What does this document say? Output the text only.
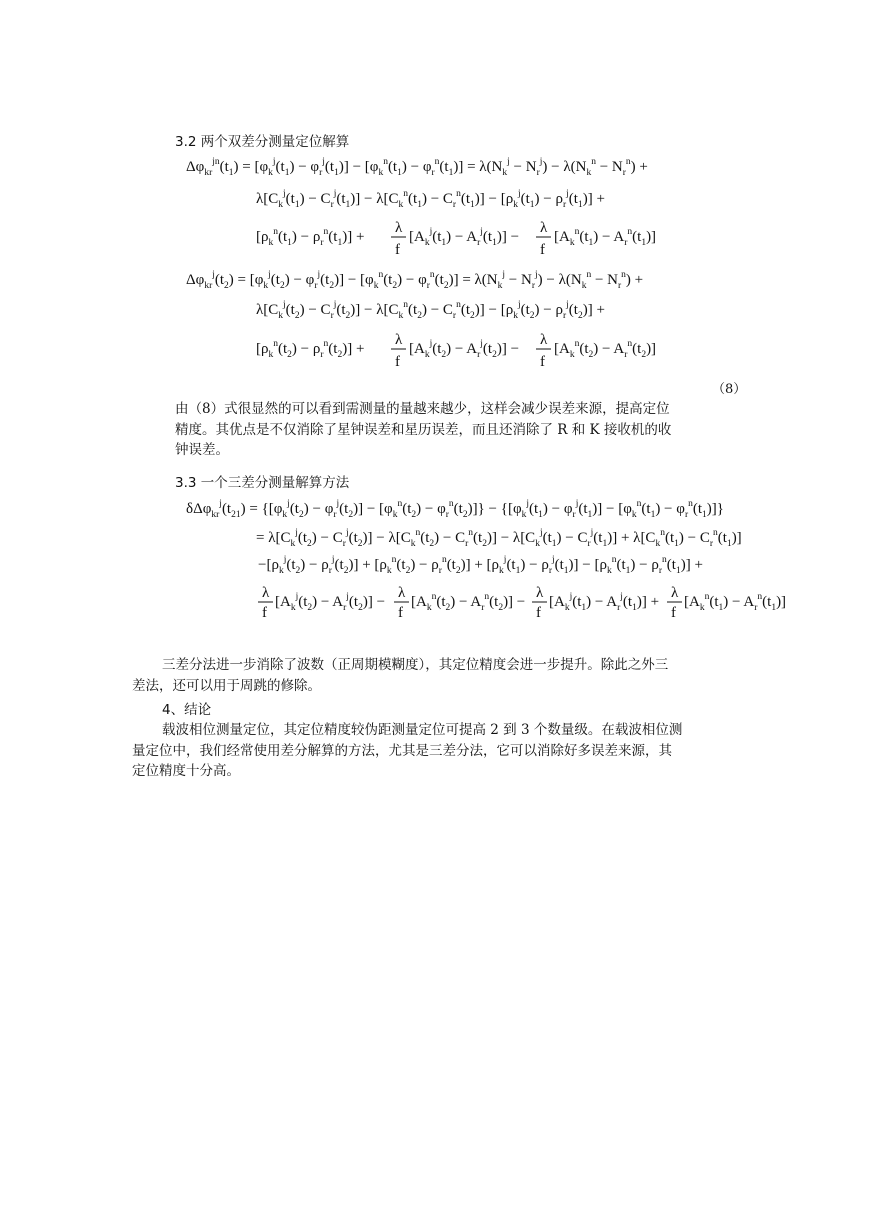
3.2 两个双差分测量定位解算
$\Delta\varphi_{kr}^{jn}(t_1) = [\varphi_k^j(t_1) - \varphi_r^j(t_1)] - [\varphi_k^n(t_1) - \varphi_r^n(t_1)] = \lambda(N_k^j - N_r^j) - \lambda(N_k^n - N_r^n)$ +
$\lambda[C_k^j(t_1) - C_r^j(t_1)] - \lambda[C_k^n(t_1) - C_r^n(t_1)] - [\rho_k^j(t_1) - \rho_r^j(t_1)]$ +
$[\rho_k^n(t_1) - \rho_r^n(t_1)]$ +
λ
f
$[A_k^j(t_1) - A_r^j(t_1)]$ −
λ
f
$[A_k^n(t_1) - A_r^n(t_1)]$
$\Delta\varphi_{kr}^j(t_2) = [\varphi_k^j(t_2) - \varphi_r^j(t_2)] - [\varphi_k^n(t_2) - \varphi_r^n(t_2)] = \lambda(N_k^j - N_r^j) - \lambda(N_k^n - N_r^n)$ +
$\lambda[C_k^j(t_2) - C_r^j(t_2)] - \lambda[C_k^n(t_2) - C_r^n(t_2)] - [\rho_k^j(t_2) - \rho_r^j(t_2)]$ +
$[\rho_k^n(t_2) - \rho_r^n(t_2)]$ +
λ
f
$[A_k^j(t_2) - A_r^j(t_2)]$ −
λ
f
$[A_k^n(t_2) - A_r^n(t_2)]$
$\delta\Delta\varphi_{kr}^j(t_{21}) = \{[\varphi_k^j(t_2) - \varphi_r^j(t_2)] - [\varphi_k^n(t_2) - \varphi_r^n(t_2)]\} - \{[\varphi_k^j(t_1) - \varphi_r^j(t_1)] - [\varphi_k^n(t_1) - \varphi_r^n(t_1)]\}$
= $\lambda[C_k^j(t_2) - C_r^j(t_2)] - \lambda[C_k^n(t_2) - C_r^n(t_2)] - \lambda[C_k^j(t_1) - C_r^j(t_1)] + \lambda[C_k^n(t_1) - C_r^n(t_1)]$
$-[\rho_k^j(t_2) - \rho_r^j(t_2)] + [\rho_k^n(t_2) - \rho_r^n(t_2)] + [\rho_k^j(t_1) - \rho_r^j(t_1)] - [\rho_k^n(t_1) - \rho_r^n(t_1)]$ +
λ
f
$[A_k^j(t_2) - A_r^j(t_2)]$ −
λ
f
$[A_k^n(t_2) - A_r^n(t_2)]$ −
λ
f
$[A_k^j(t_1) - A_r^j(t_1)]$ +
λ
f
$[A_k^n(t_1) - A_r^n(t_1)]$
（8）
由（8）式很显然的可以看到需测量的量越来越少，这样会减少误差来源，提高定位
精度。其优点是不仅消除了星钟误差和星历误差，而且还消除了 R 和 K 接收机的收
钟误差。
3.3 一个三差分测量解算方法
三差分法进一步消除了波数（正周期模糊度），其定位精度会进一步提升。除此之外三
差法，还可以用于周跳的修除。
4、结论
载波相位测量定位，其定位精度较伪距测量定位可提高 2 到 3 个数量级。在载波相位测
量定位中，我们经常使用差分解算的方法，尤其是三差分法，它可以消除好多误差来源，其
定位精度十分高。
